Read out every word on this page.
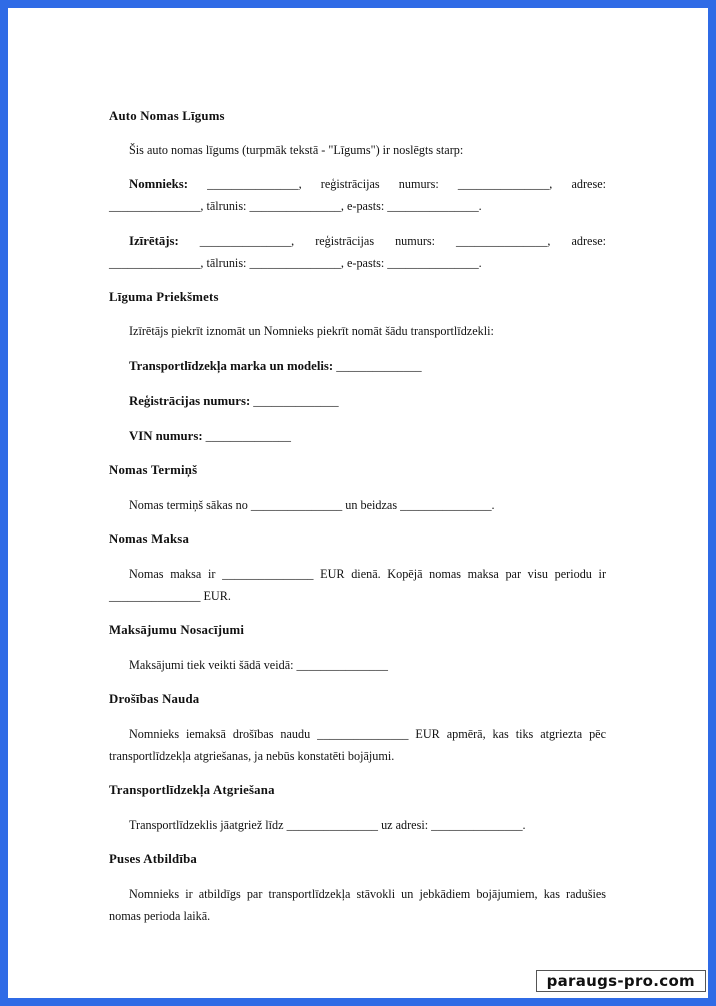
Auto Nomas Līgums

Šis auto nomas līgums (turpmāk tekstā - "Līgums") ir noslēgts starp:

Nomnieks: _______________, reģistrācijas numurs: _______________, adrese: _______________, tālrunis: _______________, e-pasts: _______________.

Izīrētājs: _______________, reģistrācijas numurs: _______________, adrese: _______________, tālrunis: _______________, e-pasts: _______________.

Līguma Priekšmets

Izīrētājs piekrīt iznomāt un Nomnieks piekrīt nomāt šādu transportlīdzekli:

Transportlīdzekļa marka un modelis: ______________

Reģistrācijas numurs: ______________

VIN numurs: ______________

Nomas Termiņš

Nomas termiņš sākas no _______________ un beidzas _______________.

Nomas Maksa

Nomas maksa ir _______________ EUR dienā. Kopējā nomas maksa par visu periodu ir _______________ EUR.

Maksājumu Nosacījumi

Maksājumi tiek veikti šādā veidā: _______________

Drošības Nauda

Nomnieks iemaksā drošības naudu _______________ EUR apmērā, kas tiks atgriezta pēc transportlīdzekļa atgriešanas, ja nebūs konstatēti bojājumi.

Transportlīdzekļa Atgriešana

Transportlīdzeklis jāatgriež līdz _______________ uz adresi: _______________.

Puses Atbildība

Nomnieks ir atbildīgs par transportlīdzekļa stāvokli un jebkādiem bojājumiem, kas radušies nomas perioda laikā.

paraugs-pro.com
